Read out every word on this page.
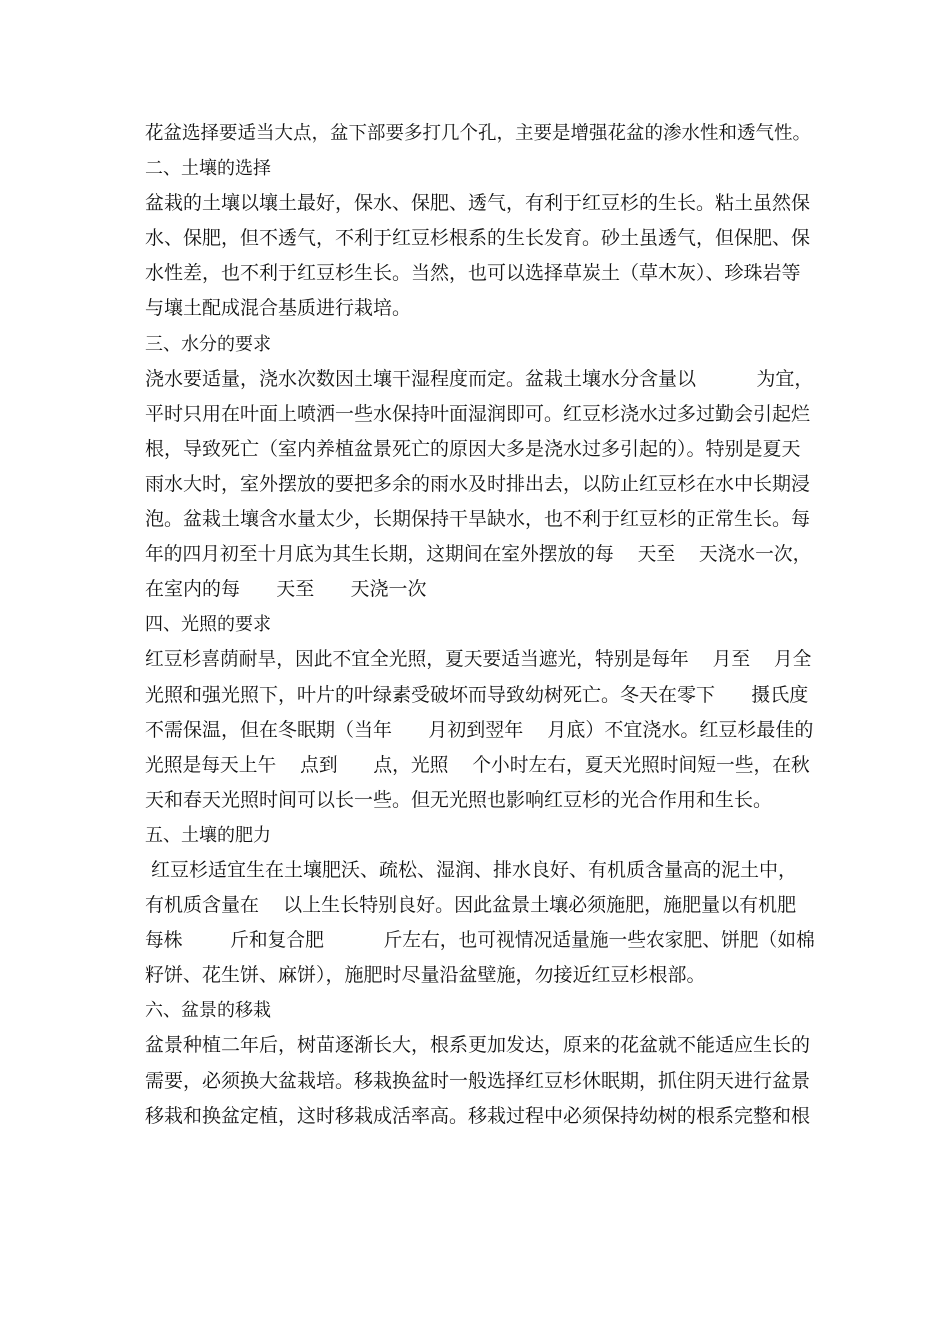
花盆选择要适当大点，盆下部要多打几个孔，主要是增强花盆的渗水性和透气性。
二、土壤的选择
盆栽的土壤以壤土最好，保水、保肥、透气，有利于红豆杉的生长。粘土虽然保
水、保肥，但不透气，不利于红豆杉根系的生长发育。砂土虽透气，但保肥、保
水性差，也不利于红豆杉生长。当然，也可以选择草炭土（草木灰）、珍珠岩等
与壤土配成混合基质进行栽培。
三、水分的要求
浇水要适量，浇水次数因土壤干湿程度而定。盆栽土壤水分含量以          为宜，
平时只用在叶面上喷洒一些水保持叶面湿润即可。红豆杉浇水过多过勤会引起烂
根，导致死亡（室内养植盆景死亡的原因大多是浇水过多引起的）。特别是夏天
雨水大时，室外摆放的要把多余的雨水及时排出去，以防止红豆杉在水中长期浸
泡。盆栽土壤含水量太少，长期保持干旱缺水，也不利于红豆杉的正常生长。每
年的四月初至十月底为其生长期，这期间在室外摆放的每    天至    天浇水一次，
在室内的每      天至      天浇一次
四、光照的要求
红豆杉喜荫耐旱，因此不宜全光照，夏天要适当遮光，特别是每年    月至    月全
光照和强光照下，叶片的叶绿素受破坏而导致幼树死亡。冬天在零下      摄氏度
不需保温，但在冬眠期（当年      月初到翌年    月底）不宜浇水。红豆杉最佳的
光照是每天上午    点到      点，光照    个小时左右，夏天光照时间短一些，在秋
天和春天光照时间可以长一些。但无光照也影响红豆杉的光合作用和生长。
五、土壤的肥力
红豆杉适宜生在土壤肥沃、疏松、湿润、排水良好、有机质含量高的泥土中，
有机质含量在    以上生长特别良好。因此盆景土壤必须施肥，施肥量以有机肥
每株        斤和复合肥          斤左右，也可视情况适量施一些农家肥、饼肥（如棉
籽饼、花生饼、麻饼），施肥时尽量沿盆壁施，勿接近红豆杉根部。
六、盆景的移栽
盆景种植二年后，树苗逐渐长大，根系更加发达，原来的花盆就不能适应生长的
需要，必须换大盆栽培。移栽换盆时一般选择红豆杉休眠期，抓住阴天进行盆景
移栽和换盆定植，这时移栽成活率高。移栽过程中必须保持幼树的根系完整和根
